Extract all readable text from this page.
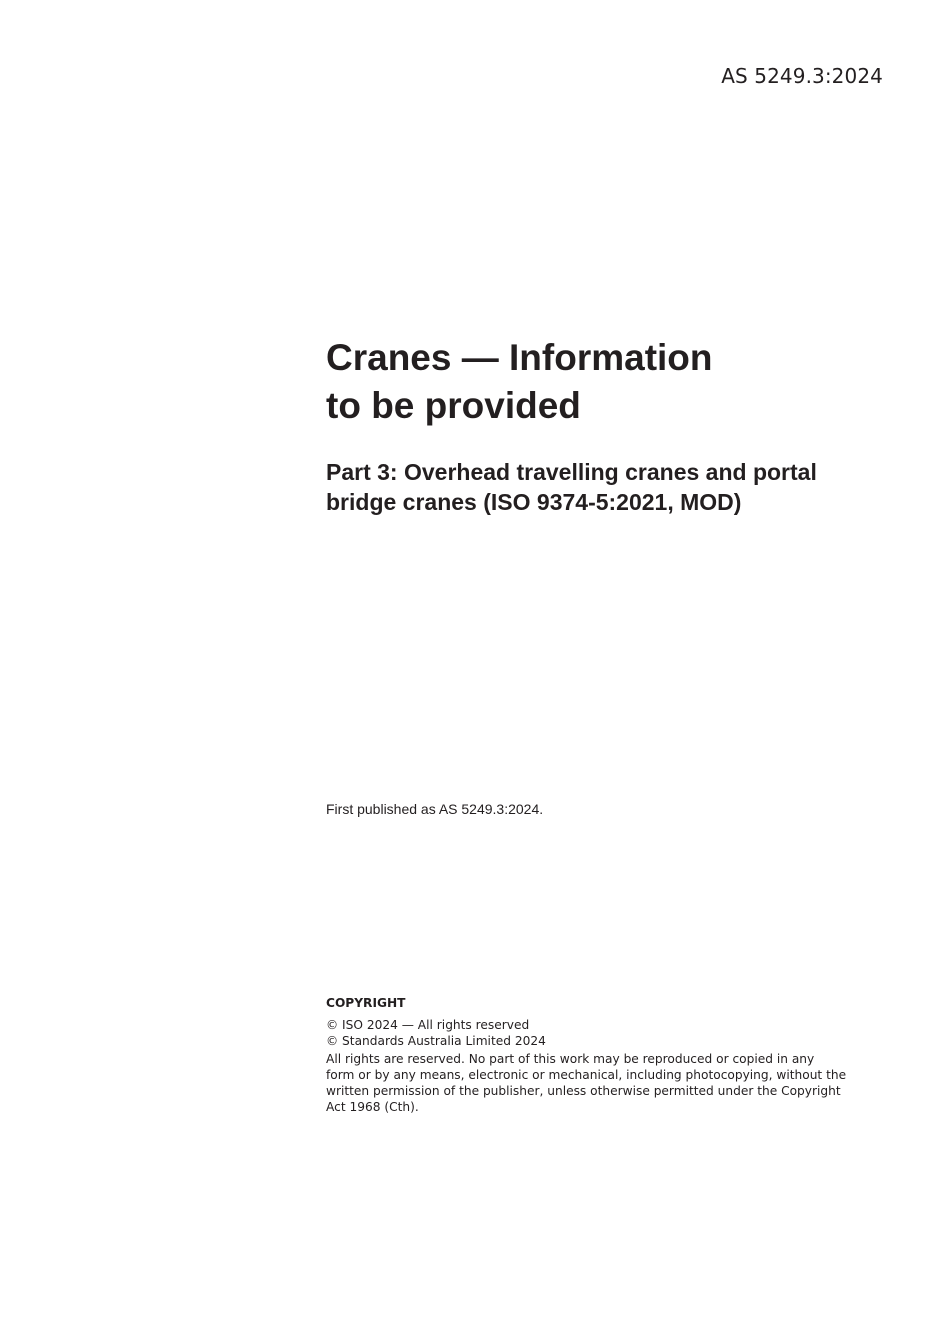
AS 5249.3:2024
Cranes — Information
to be provided
Part 3: Overhead travelling cranes and portal
bridge cranes (ISO 9374-5:2021, MOD)
First published as AS 5249.3:2024.
COPYRIGHT
© ISO 2024 — All rights reserved
© Standards Australia Limited 2024
All rights are reserved. No part of this work may be reproduced or copied in any
form or by any means, electronic or mechanical, including photocopying, without the
written permission of the publisher, unless otherwise permitted under the Copyright
Act 1968 (Cth).
